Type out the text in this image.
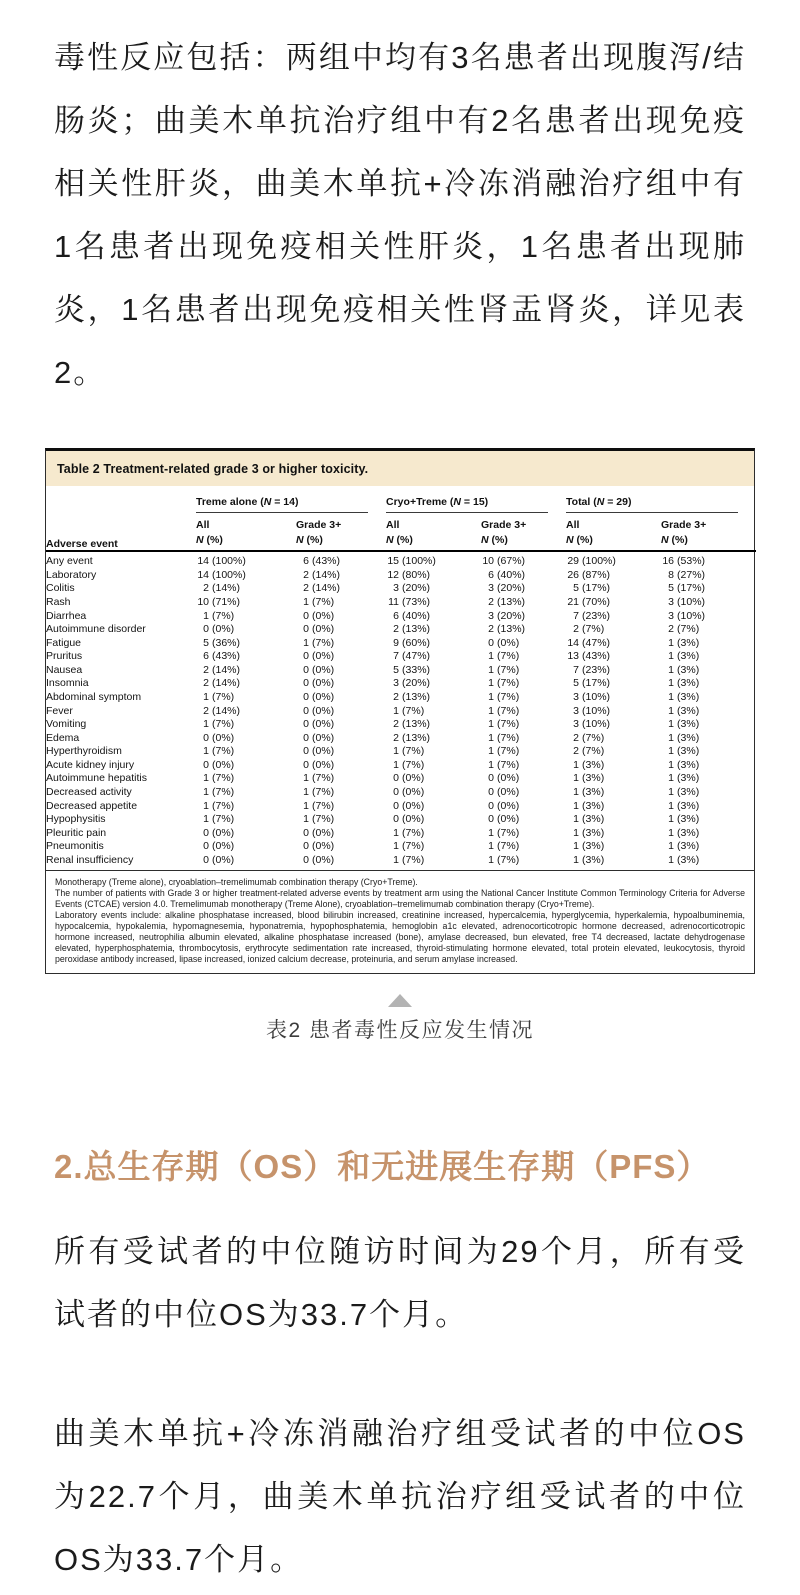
毒性反应包括：两组中均有3名患者出现腹泻/结肠炎；曲美木单抗治疗组中有2名患者出现免疫相关性肝炎，曲美木单抗+冷冻消融治疗组中有1名患者出现免疫相关性肝炎，1名患者出现肺炎，1名患者出现免疫相关性肾盂肾炎，详见表2。

Table 2 Treatment-related grade 3 or higher toxicity.
Adverse event	Treme alone (N = 14)		Cryo+Treme (N = 15)		Total (N = 29)	

	All	Grade 3+	All	Grade 3+	All	Grade 3+
	N (%)	N (%)	N (%)	N (%)	N (%)	N (%)
Any event	14 (100%)	6 (43%)	15 (100%)	10 (67%)	29 (100%)	16 (53%)
Laboratory	14 (100%)	2 (14%)	12 (80%)	6 (40%)	26 (87%)	8 (27%)
Colitis	2 (14%)	2 (14%)	3 (20%)	3 (20%)	5 (17%)	5 (17%)
Rash	10 (71%)	1 (7%)	11 (73%)	2 (13%)	21 (70%)	3 (10%)
Diarrhea	1 (7%)	0 (0%)	6 (40%)	3 (20%)	7 (23%)	3 (10%)
Autoimmune disorder	0 (0%)	0 (0%)	2 (13%)	2 (13%)	2 (7%)	2 (7%)
Fatigue	5 (36%)	1 (7%)	9 (60%)	0 (0%)	14 (47%)	1 (3%)
Pruritus	6 (43%)	0 (0%)	7 (47%)	1 (7%)	13 (43%)	1 (3%)
Nausea	2 (14%)	0 (0%)	5 (33%)	1 (7%)	7 (23%)	1 (3%)
Insomnia	2 (14%)	0 (0%)	3 (20%)	1 (7%)	5 (17%)	1 (3%)
Abdominal symptom	1 (7%)	0 (0%)	2 (13%)	1 (7%)	3 (10%)	1 (3%)
Fever	2 (14%)	0 (0%)	1 (7%)	1 (7%)	3 (10%)	1 (3%)
Vomiting	1 (7%)	0 (0%)	2 (13%)	1 (7%)	3 (10%)	1 (3%)
Edema	0 (0%)	0 (0%)	2 (13%)	1 (7%)	2 (7%)	1 (3%)
Hyperthyroidism	1 (7%)	0 (0%)	1 (7%)	1 (7%)	2 (7%)	1 (3%)
Acute kidney injury	0 (0%)	0 (0%)	1 (7%)	1 (7%)	1 (3%)	1 (3%)
Autoimmune hepatitis	1 (7%)	1 (7%)	0 (0%)	0 (0%)	1 (3%)	1 (3%)
Decreased activity	1 (7%)	1 (7%)	0 (0%)	0 (0%)	1 (3%)	1 (3%)
Decreased appetite	1 (7%)	1 (7%)	0 (0%)	0 (0%)	1 (3%)	1 (3%)
Hypophysitis	1 (7%)	1 (7%)	0 (0%)	0 (0%)	1 (3%)	1 (3%)
Pleuritic pain	0 (0%)	0 (0%)	1 (7%)	1 (7%)	1 (3%)	1 (3%)
Pneumonitis	0 (0%)	0 (0%)	1 (7%)	1 (7%)	1 (3%)	1 (3%)
Renal insufficiency	0 (0%)	0 (0%)	1 (7%)	1 (7%)	1 (3%)	1 (3%)

Monotherapy (Treme alone), cryoablation–tremelimumab combination therapy (Cryo+Treme).

The number of patients with Grade 3 or higher treatment-related adverse events by treatment arm using the National Cancer Institute Common Terminology Criteria for Adverse Events (CTCAE) version 4.0. Tremelimumab monotherapy (Treme Alone), cryoablation–tremelimumab combination therapy (Cryo+Treme).

Laboratory events include: alkaline phosphatase increased, blood bilirubin increased, creatinine increased, hypercalcemia, hyperglycemia, hyperkalemia, hypoalbuminemia, hypocalcemia, hypokalemia, hypomagnesemia, hyponatremia, hypophosphatemia, hemoglobin a1c elevated, adrenocorticotropic hormone decreased, adrenocorticotropic hormone increased, neutrophilia albumin elevated, alkaline phosphatase increased (bone), amylase decreased, bun elevated, free T4 decreased, lactate dehydrogenase elevated, hyperphosphatemia, thrombocytosis, erythrocyte sedimentation rate increased, thyroid-stimulating hormone elevated, total protein elevated, leukocytosis, thyroid peroxidase antibody increased, lipase increased, ionized calcium decrease, proteinuria, and serum amylase increased.

表2 患者毒性反应发生情况
2.总生存期（OS）和无进展生存期（PFS）

所有受试者的中位随访时间为29个月，所有受试者的中位OS为33.7个月。

曲美木单抗+冷冻消融治疗组受试者的中位OS为22.7个月，曲美木单抗治疗组受试者的中位OS为33.7个月。
